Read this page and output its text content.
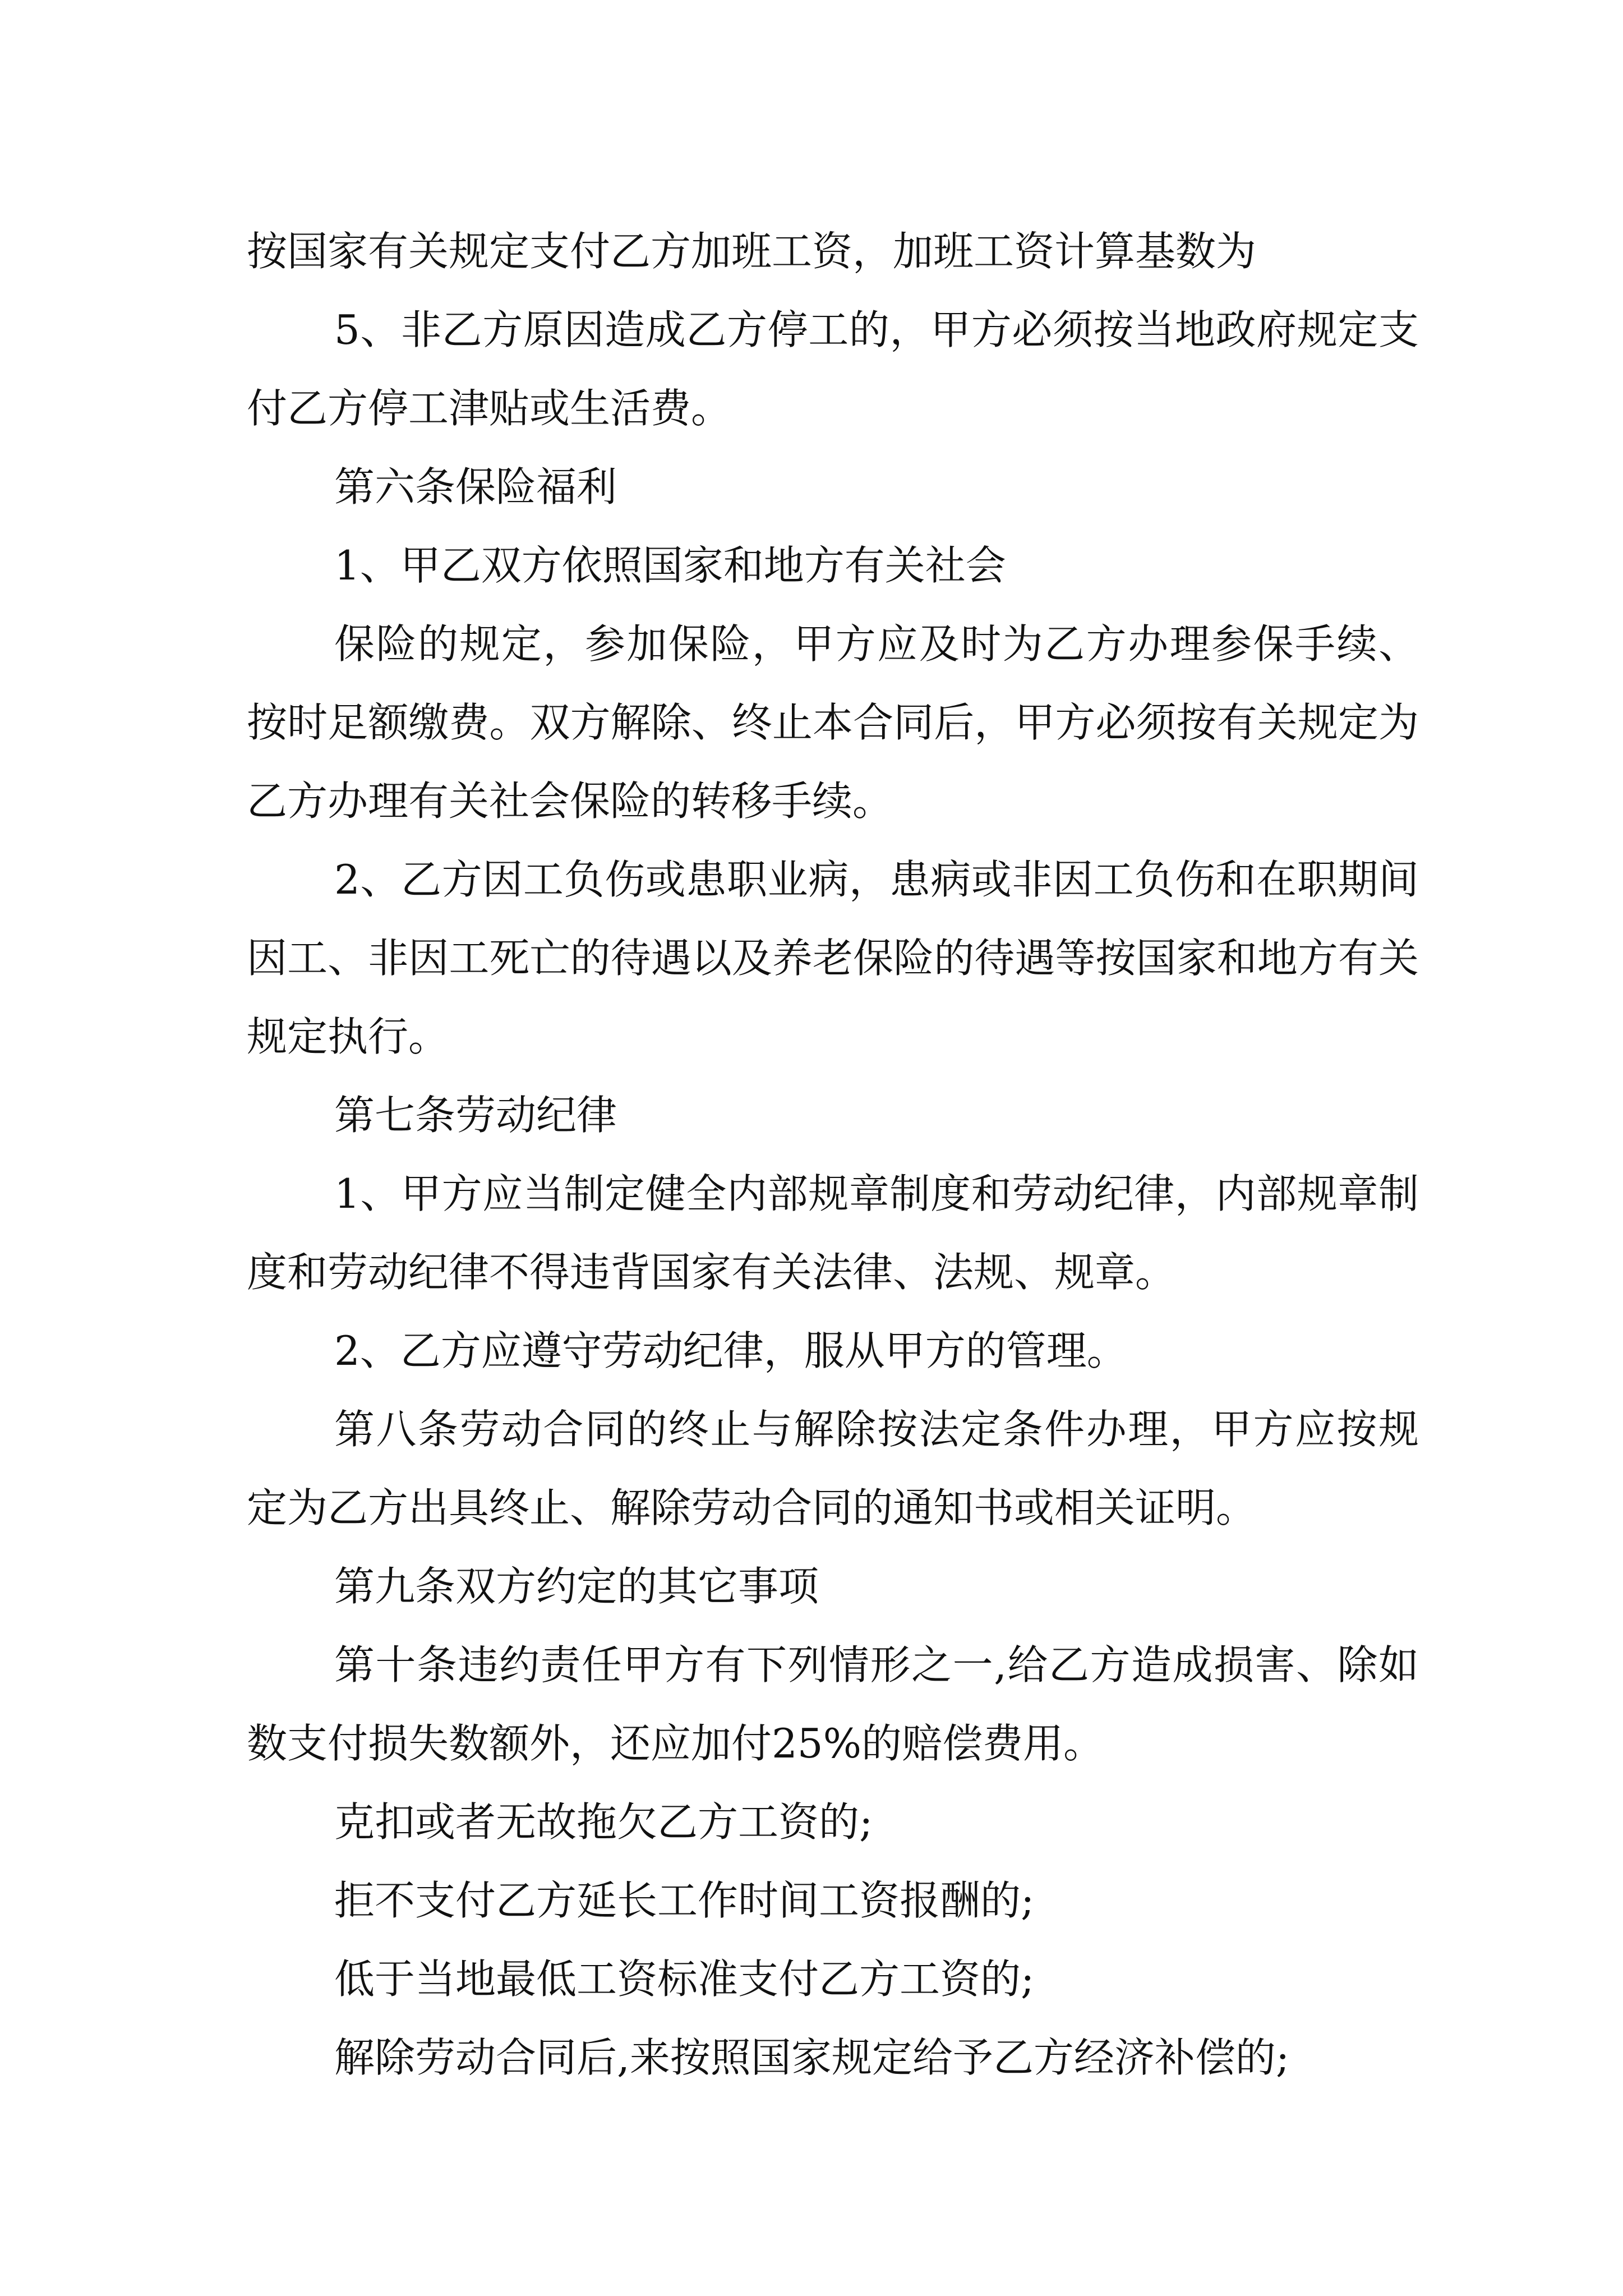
按国家有关规定支付乙方加班工资，加班工资计算基数为

5、非乙方原因造成乙方停工的，甲方必须按当地政府规定支付乙方停工津贴或生活费。

第六条保险福利

1、甲乙双方依照国家和地方有关社会

保险的规定，参加保险，甲方应及时为乙方办理参保手续、按时足额缴费。双方解除、终止本合同后，甲方必须按有关规定为乙方办理有关社会保险的转移手续。

2、乙方因工负伤或患职业病，患病或非因工负伤和在职期间因工、非因工死亡的待遇以及养老保险的待遇等按国家和地方有关规定执行。

第七条劳动纪律

1、甲方应当制定健全内部规章制度和劳动纪律，内部规章制度和劳动纪律不得违背国家有关法律、法规、规章。

2、乙方应遵守劳动纪律，服从甲方的管理。

第八条劳动合同的终止与解除按法定条件办理，甲方应按规定为乙方出具终止、解除劳动合同的通知书或相关证明。

第九条双方约定的其它事项

第十条违约责任甲方有下列情形之一,给乙方造成损害、除如数支付损失数额外，还应加付25%的赔偿费用。

克扣或者无故拖欠乙方工资的;

拒不支付乙方延长工作时间工资报酬的;

低于当地最低工资标准支付乙方工资的;

解除劳动合同后,来按照国家规定给予乙方经济补偿的;
